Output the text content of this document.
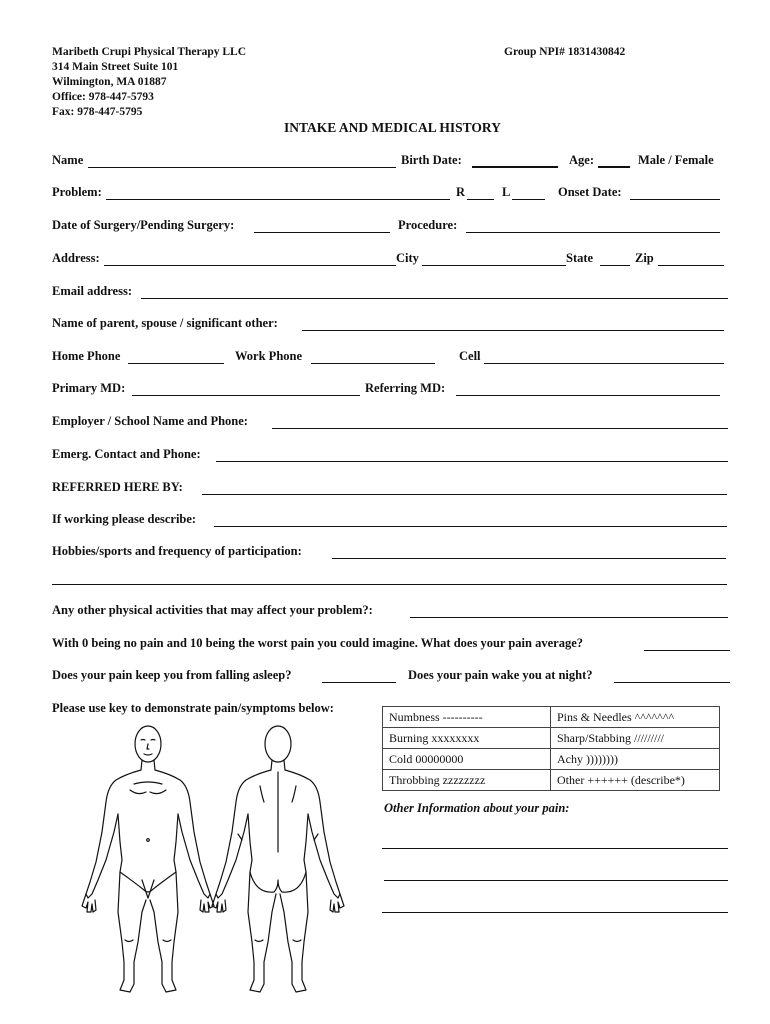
Maribeth Crupi Physical Therapy LLC
314 Main Street Suite 101
Wilmington, MA 01887
Office: 978-447-5793
Fax: 978-447-5795
Group NPI# 1831430842
INTAKE AND MEDICAL HISTORY
Name	Birth Date:	Age:	Male / Female
Problem:	R	L	Onset Date:
Date of Surgery/Pending Surgery:	Procedure:
Address:	City	State	Zip
Email address:
Name of parent, spouse / significant other:
Home Phone	Work Phone	Cell
Primary MD:	Referring MD:
Employer / School Name and Phone:
Emerg. Contact and Phone:
REFERRED HERE BY:
If working please describe:
Hobbies/sports and frequency of participation:
Any other physical activities that may affect your problem?:
With 0 being no pain and 10 being the worst pain you could imagine. What does your pain average?
Does your pain keep you from falling asleep?	Does your pain wake you at night?
Please use key to demonstrate pain/symptoms below:
Numbness ----------	Pins & Needles ^^^^^^^
Burning xxxxxxxx	Sharp/Stabbing /////////
Cold 00000000	Achy ))))))))
Throbbing zzzzzzzz	Other ++++++ (describe*)
Other Information about your pain:
